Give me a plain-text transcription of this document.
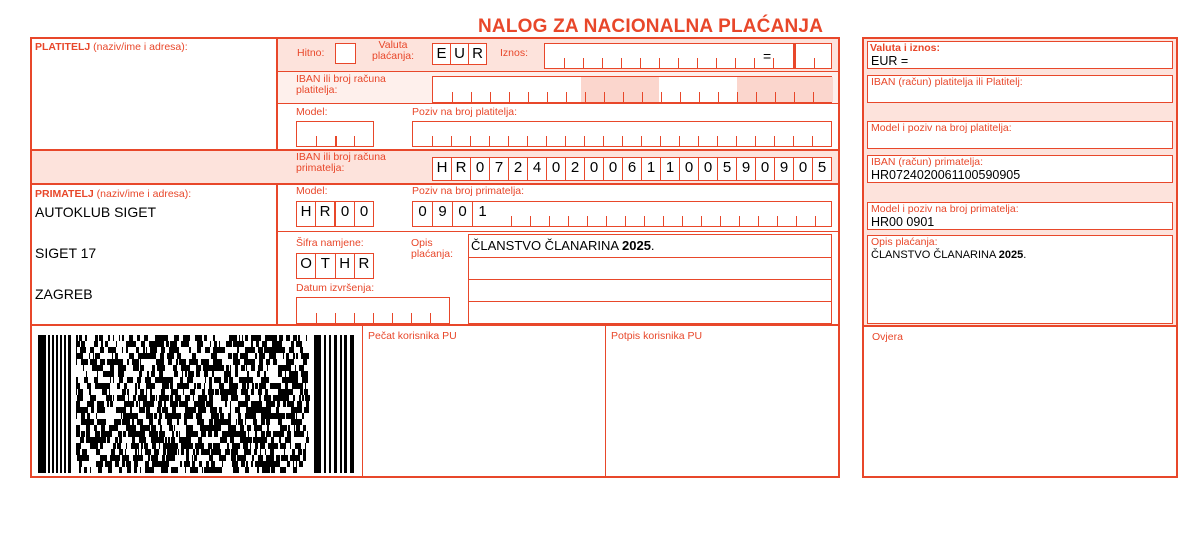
NALOG ZA NACIONALNA PLAĆANJA
PLATITELJ (naziv/ime i adresa):	Hitno:
Valuta
plaćanja: E U R Iznos:	=
IBAN ili broj računa
platitelja:
Model:	Poziv na broj platitelja:
IBAN ili broj računa
primatelja:	H R 0 7 2 4 0 2 0 0 6 1 1 0 0 5 9 0 9 0 5
PRIMATELJ (naziv/ime i adresa):
AUTOKLUB SIGET
SIGET 17
ZAGREB
Model:
H R 0 0
Poziv na broj primatelja:
0 9 0 1
Šifra namjene:
O T H R
Opis
plaćanja:
ČLANSTVO ČLANARINA 2025.
Datum izvršenja:
Pečat korisnika PU	Potpis korisnika PU
Valuta i iznos:
EUR =
IBAN (račun) platitelja ili Platitelj:
Model i poziv na broj platitelja:
IBAN (račun) primatelja:
HR0724020061100590905
Model i poziv na broj primatelja:
HR00 0901
Opis plaćanja:
ČLANSTVO ČLANARINA 2025.
Ovjera
